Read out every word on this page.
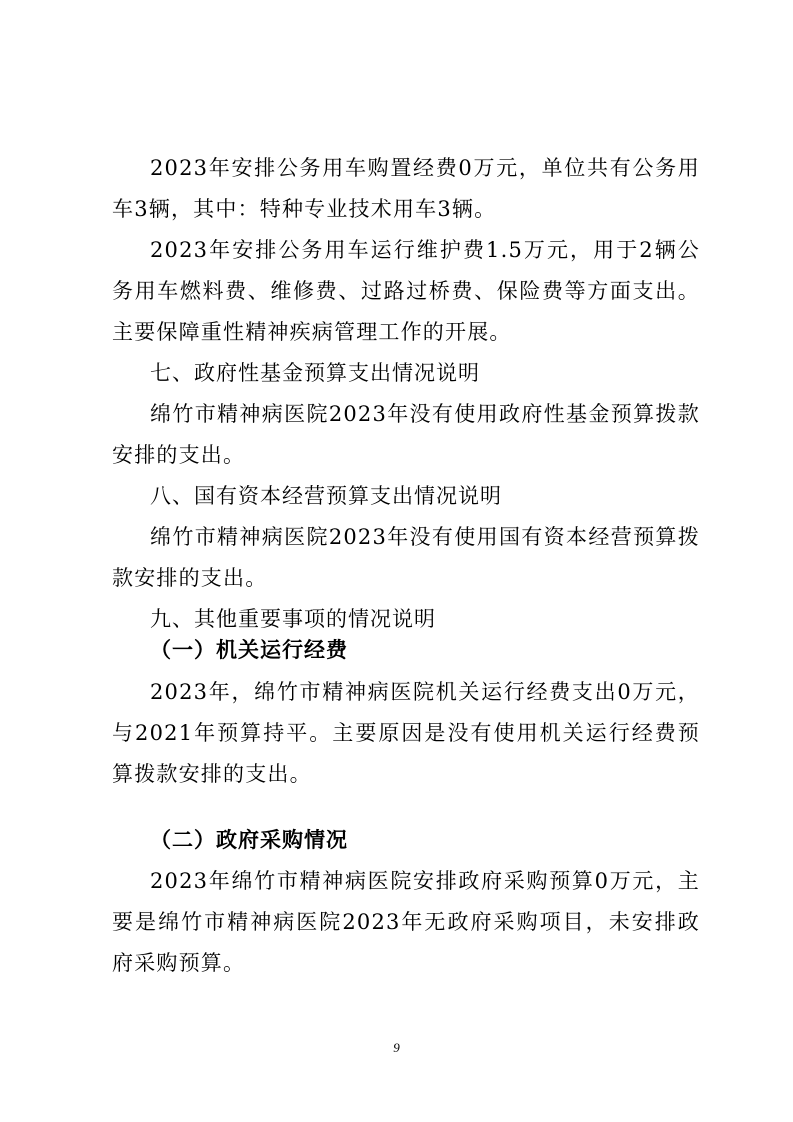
2023年安排公务用车购置经费0万元，单位共有公务用车3辆，其中：特种专业技术用车3辆。

2023年安排公务用车运行维护费1.5万元，用于2辆公务用车燃料费、维修费、过路过桥费、保险费等方面支出。主要保障重性精神疾病管理工作的开展。

七、政府性基金预算支出情况说明

绵竹市精神病医院2023年没有使用政府性基金预算拨款安排的支出。

八、国有资本经营预算支出情况说明

绵竹市精神病医院2023年没有使用国有资本经营预算拨款安排的支出。

九、其他重要事项的情况说明

（一）机关运行经费

2023年，绵竹市精神病医院机关运行经费支出0万元，与2021年预算持平。主要原因是没有使用机关运行经费预算拨款安排的支出。

（二）政府采购情况

2023年绵竹市精神病医院安排政府采购预算0万元，主要是绵竹市精神病医院2023年无政府采购项目，未安排政府采购预算。

9
